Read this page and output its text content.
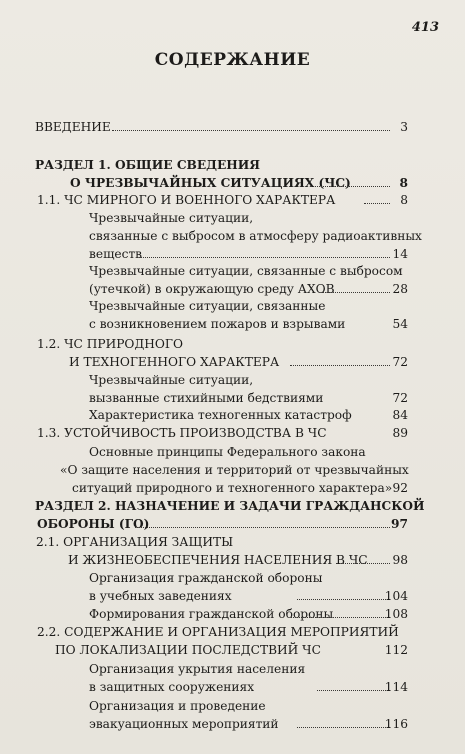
413
СОДЕРЖАНИЕ
ВВЕДЕНИЕ	3
РАЗДЕЛ 1. ОБЩИЕ СВЕДЕНИЯ
О ЧРЕЗВЫЧАЙНЫХ СИТУАЦИЯХ (ЧС)	8
1.1. ЧС МИРНОГО И ВОЕННОГО ХАРАКТЕРА	8
Чрезвычайные ситуации,
связанные с выбросом в атмосферу радиоактивных
веществ	14
Чрезвычайные ситуации, связанные с выбросом
(утечкой) в окружающую среду АХОВ	28
Чрезвычайные ситуации, связанные
с возникновением пожаров и взрывами	54
1.2. ЧС ПРИРОДНОГО
И ТЕХНОГЕННОГО ХАРАКТЕРА	72
Чрезвычайные ситуации,
вызванные стихийными бедствиями	72
Характеристика техногенных катастроф	84
1.3. УСТОЙЧИВОСТЬ ПРОИЗВОДСТВА В ЧС	89
Основные принципы Федерального закона
«О защите населения и территорий от чрезвычайных
ситуаций природного и техногенного характера» 92
РАЗДЕЛ 2. НАЗНАЧЕНИЕ И ЗАДАЧИ ГРАЖДАНСКОЙ
ОБОРОНЫ (ГО)	97
2.1. ОРГАНИЗАЦИЯ ЗАЩИТЫ
И ЖИЗНЕОБЕСПЕЧЕНИЯ НАСЕЛЕНИЯ В ЧС 98
Организация гражданской обороны
в учебных заведениях	104
Формирования гражданской обороны	108
2.2. СОДЕРЖАНИЕ И ОРГАНИЗАЦИЯ МЕРОПРИЯТИЙ
ПО ЛОКАЛИЗАЦИИ ПОСЛЕДСТВИЙ ЧС	112
Организация укрытия населения
в защитных сооружениях	114
Организация и проведение
эвакуационных мероприятий	116
